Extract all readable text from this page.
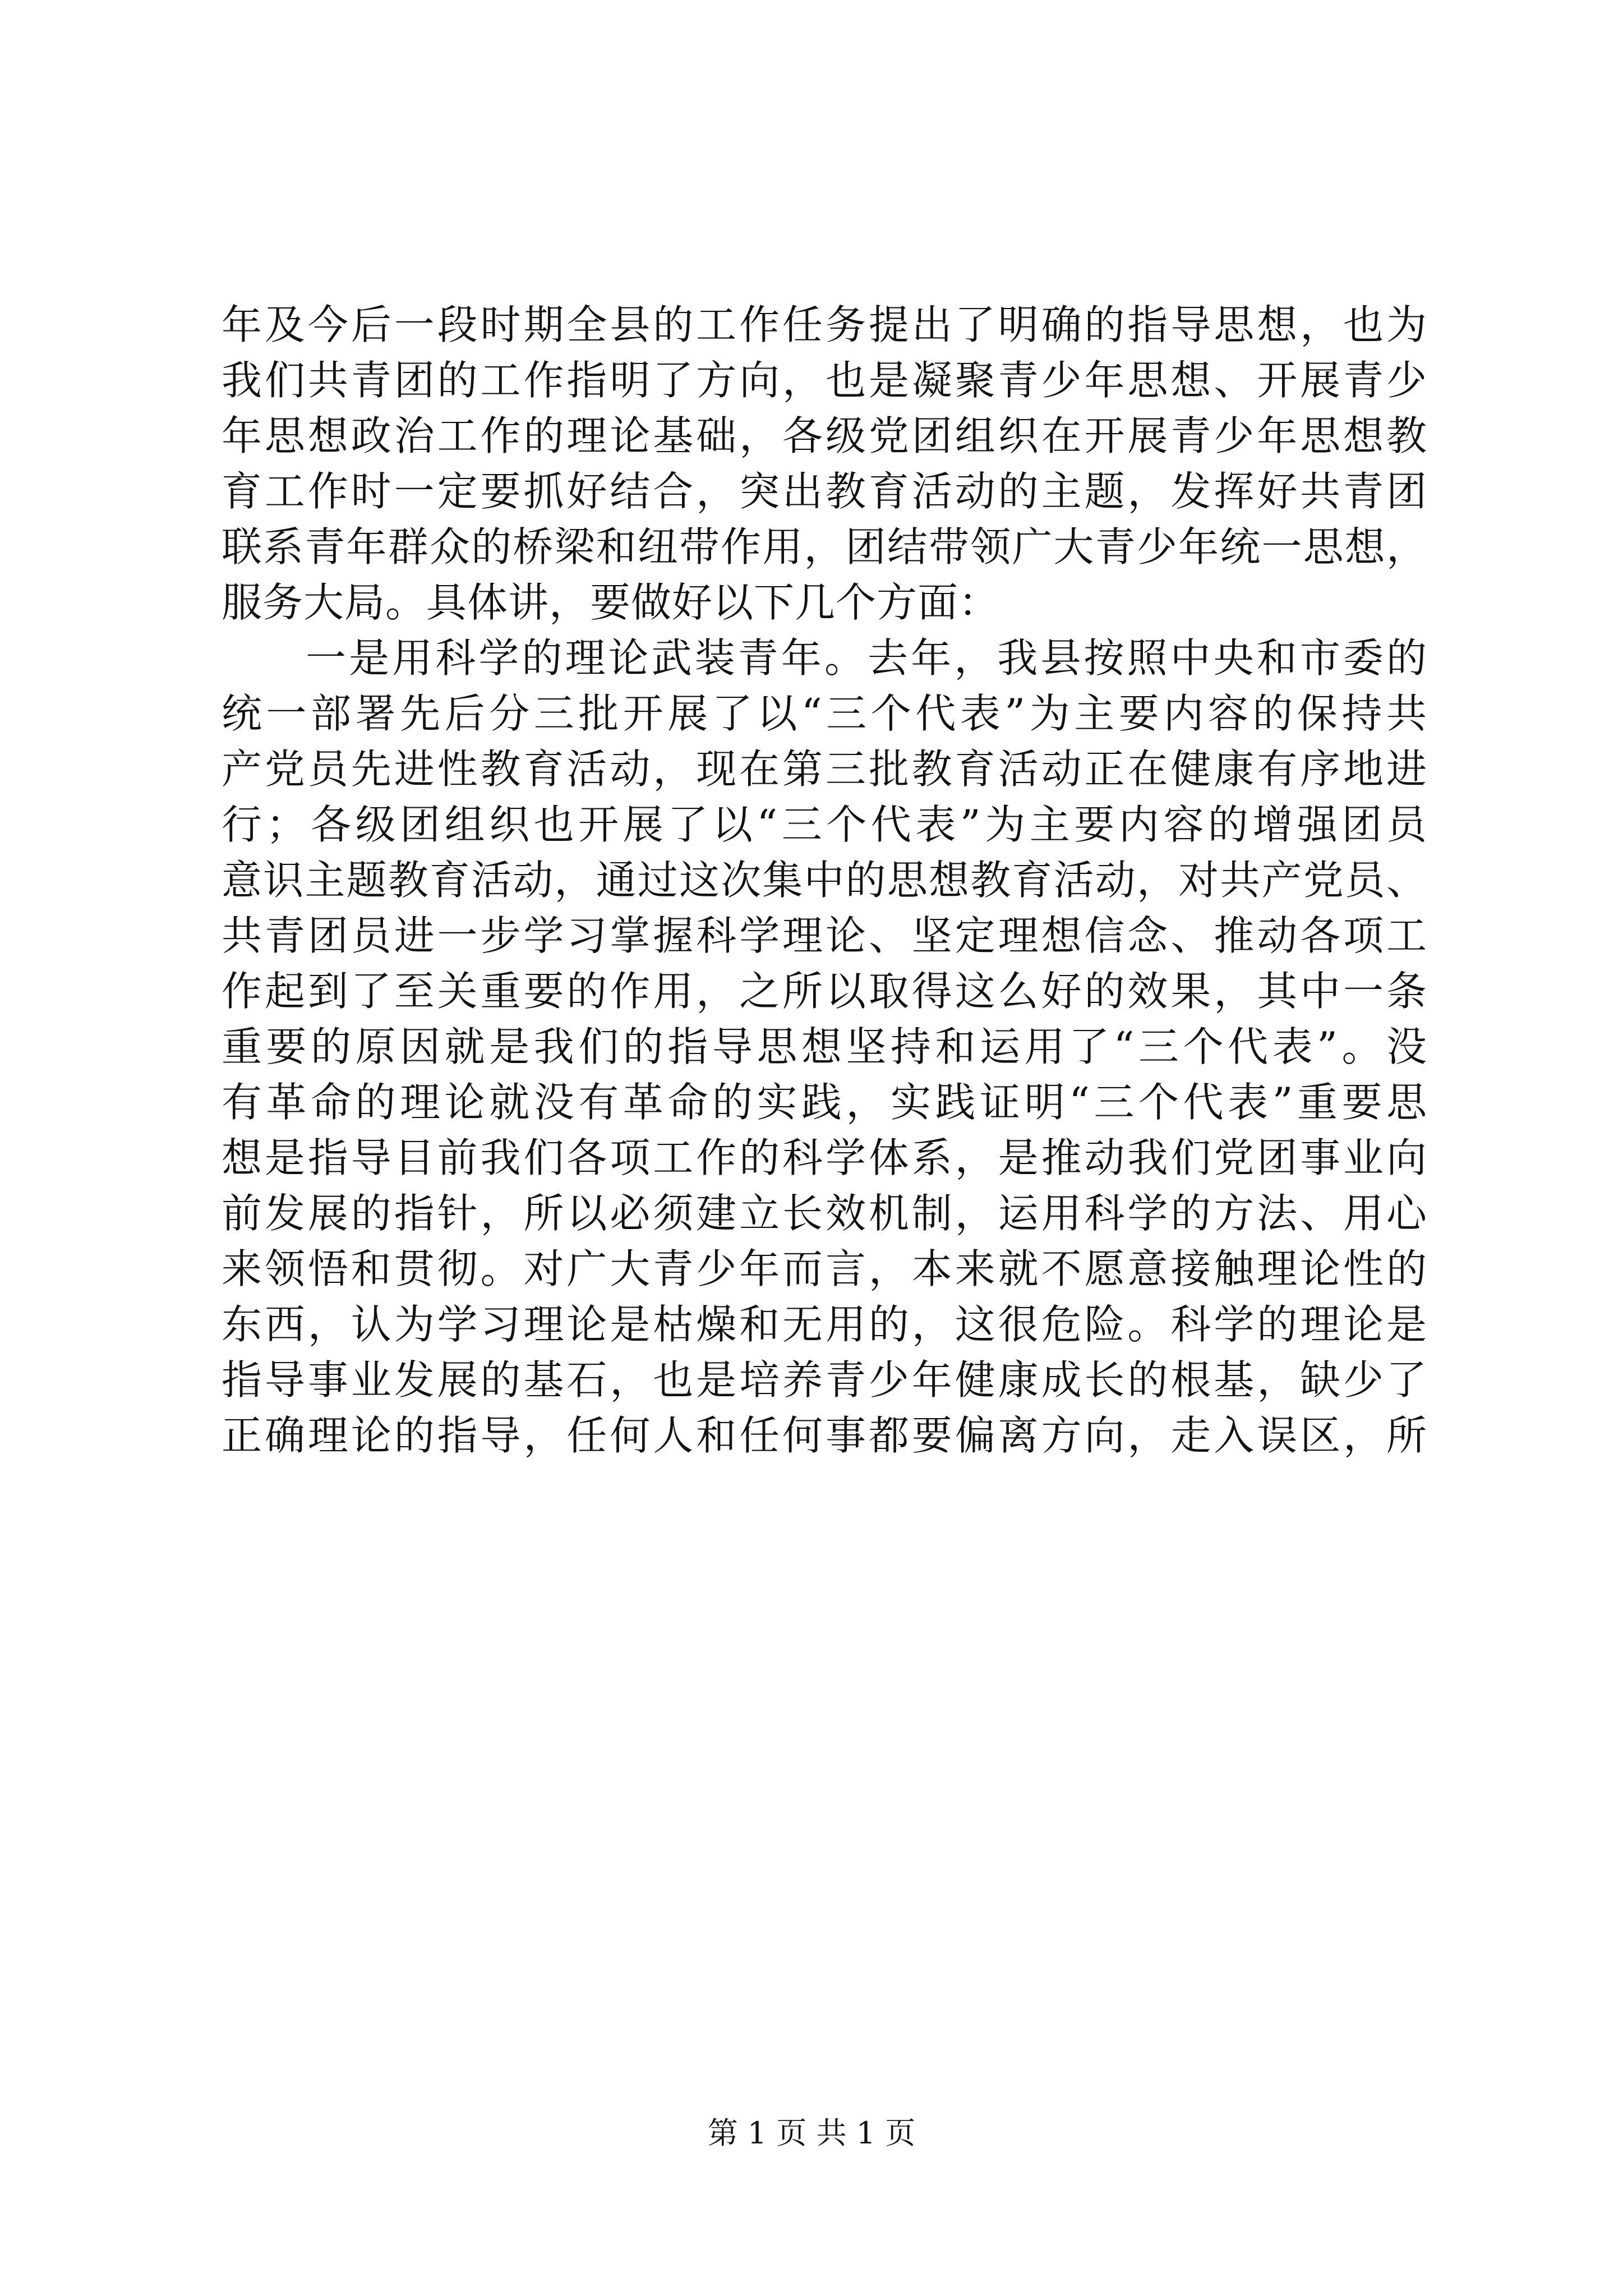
年及今后一段时期全县的工作任务提出了明确的指导思想，也为
我们共青团的工作指明了方向，也是凝聚青少年思想、开展青少
年思想政治工作的理论基础，各级党团组织在开展青少年思想教
育工作时一定要抓好结合，突出教育活动的主题，发挥好共青团
联系青年群众的桥梁和纽带作用，团结带领广大青少年统一思想，
服务大局。具体讲，要做好以下几个方面：
一是用科学的理论武装青年。去年，我县按照中央和市委的
统一部署先后分三批开展了以“三个代表”为主要内容的保持共
产党员先进性教育活动，现在第三批教育活动正在健康有序地进
行；各级团组织也开展了以“三个代表”为主要内容的增强团员
意识主题教育活动，通过这次集中的思想教育活动，对共产党员、
共青团员进一步学习掌握科学理论、坚定理想信念、推动各项工
作起到了至关重要的作用，之所以取得这么好的效果，其中一条
重要的原因就是我们的指导思想坚持和运用了“三个代表”。没
有革命的理论就没有革命的实践，实践证明“三个代表”重要思
想是指导目前我们各项工作的科学体系，是推动我们党团事业向
前发展的指针，所以必须建立长效机制，运用科学的方法、用心
来领悟和贯彻。对广大青少年而言，本来就不愿意接触理论性的
东西，认为学习理论是枯燥和无用的，这很危险。科学的理论是
指导事业发展的基石，也是培养青少年健康成长的根基，缺少了
正确理论的指导，任何人和任何事都要偏离方向，走入误区，所
第 1 页 共 1 页
